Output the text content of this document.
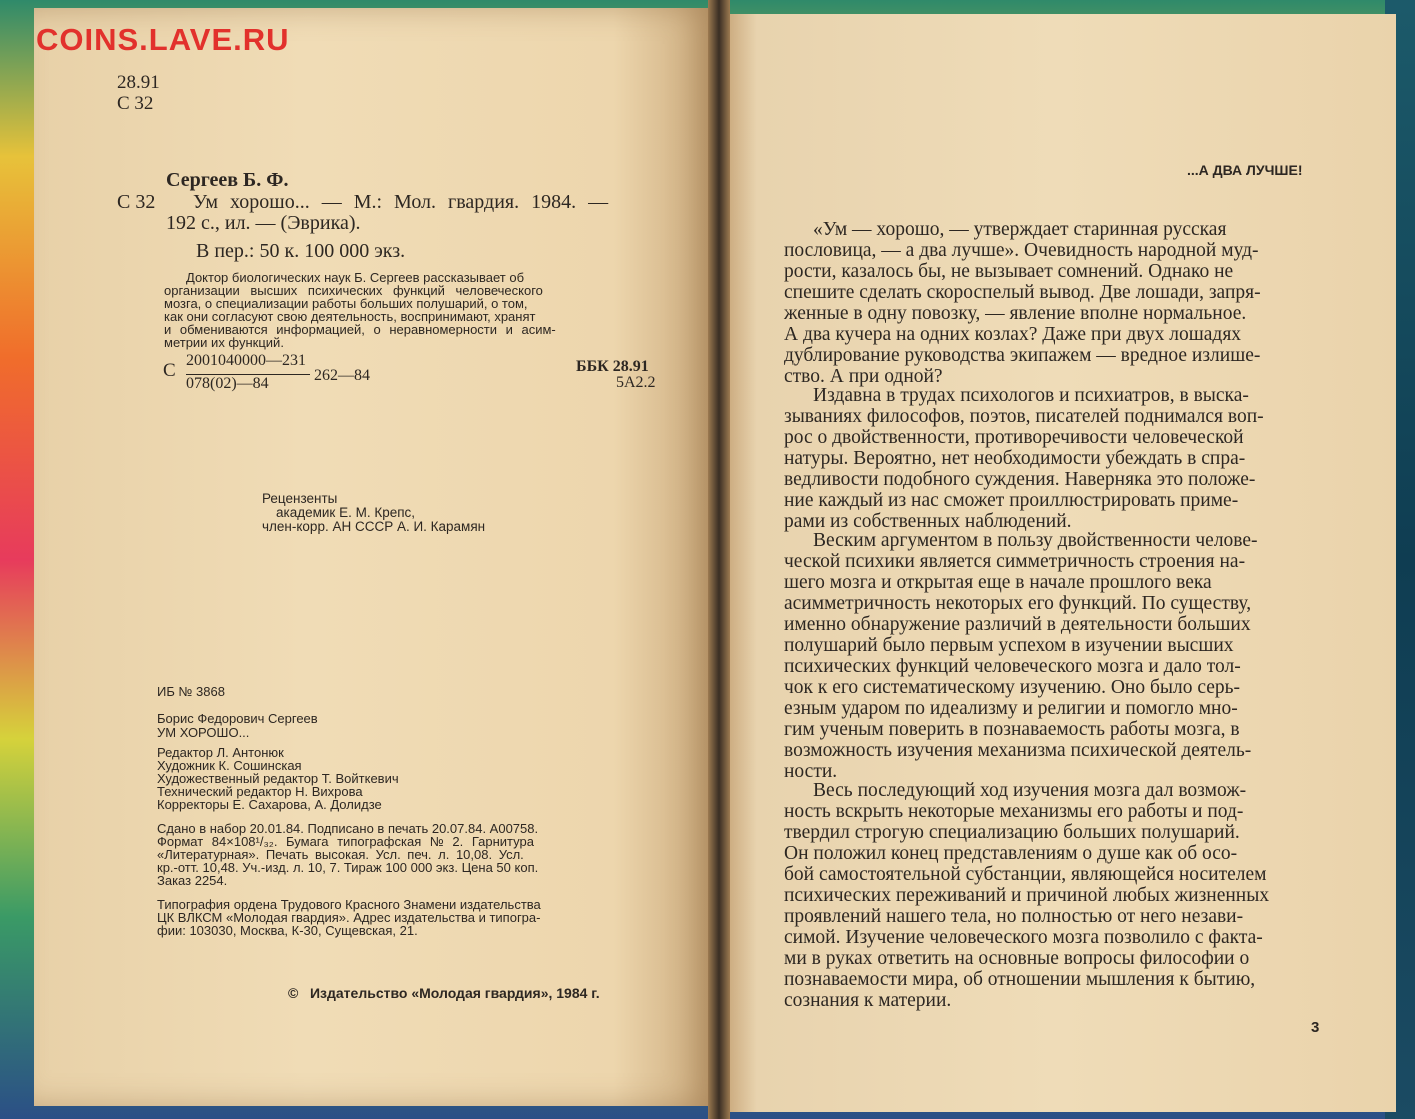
COINS.LAVE.RU
28.91
С 32
Сергеев Б. Ф.
С 32 Ум хорошо... — М.: Мол. гвардия. 1984. —
192 с., ил. — (Эврика).
В пер.: 50 к. 100 000 экз.
Доктор биологических наук Б. Сергеев рассказывает об
организации высших психических функций человеческого
мозга, о специализации работы больших полушарий, о том,
как они согласуют свою деятельность, воспринимают, хранят
и обмениваются информацией, о неравномерности и асим-
метрии их функций.
С 2001040000—231
078(02)—84	262—84
ББК 28.91
5А2.2
Рецензенты
академик Е. М. Крепс,
член-корр. АН СССР А. И. Карамян
ИБ № 3868
Борис Федорович Сергеев
УМ ХОРОШО...
Редактор Л. Антонюк
Художник К. Сошинская
Художественный редактор Т. Войткевич
Технический редактор Н. Вихрова
Корректоры Е. Сахарова, А. Долидзе
Сдано в набор 20.01.84. Подписано в печать 20.07.84. А00758.
Формат 84×108¹/₃₂. Бумага типографская № 2. Гарнитура
«Литературная». Печать высокая. Усл. печ. л. 10,08. Усл.
кр.-отт. 10,48. Уч.-изд. л. 10, 7. Тираж 100 000 экз. Цена 50 коп.
Заказ 2254.
Типография ордена Трудового Красного Знамени издательства
ЦК ВЛКСМ «Молодая гвардия». Адрес издательства и типогра-
фии: 103030, Москва, К-30, Сущевская, 21.
©   Издательство «Молодая гвардия», 1984 г.
...А ДВА ЛУЧШЕ!
«Ум — хорошо, — утверждает старинная русская
пословица, — а два лучше». Очевидность народной муд-
рости, казалось бы, не вызывает сомнений. Однако не
спешите сделать скороспелый вывод. Две лошади, запря-
женные в одну повозку, — явление вполне нормальное.
А два кучера на одних козлах? Даже при двух лошадях
дублирование руководства экипажем — вредное излише-
ство. А при одной?
Издавна в трудах психологов и психиатров, в выска-
зываниях философов, поэтов, писателей поднимался воп-
рос о двойственности, противоречивости человеческой
натуры. Вероятно, нет необходимости убеждать в спра-
ведливости подобного суждения. Наверняка это положе-
ние каждый из нас сможет проиллюстрировать приме-
рами из собственных наблюдений.
Веским аргументом в пользу двойственности челове-
ческой психики является симметричность строения на-
шего мозга и открытая еще в начале прошлого века
асимметричность некоторых его функций. По существу,
именно обнаружение различий в деятельности больших
полушарий было первым успехом в изучении высших
психических функций человеческого мозга и дало тол-
чок к его систематическому изучению. Оно было серь-
езным ударом по идеализму и религии и помогло мно-
гим ученым поверить в познаваемость работы мозга, в
возможность изучения механизма психической деятель-
ности.
Весь последующий ход изучения мозга дал возмож-
ность вскрыть некоторые механизмы его работы и под-
твердил строгую специализацию больших полушарий.
Он положил конец представлениям о душе как об осо-
бой самостоятельной субстанции, являющейся носителем
психических переживаний и причиной любых жизненных
проявлений нашего тела, но полностью от него незави-
симой. Изучение человеческого мозга позволило с факта-
ми в руках ответить на основные вопросы философии о
познаваемости мира, об отношении мышления к бытию,
сознания к материи.
3
